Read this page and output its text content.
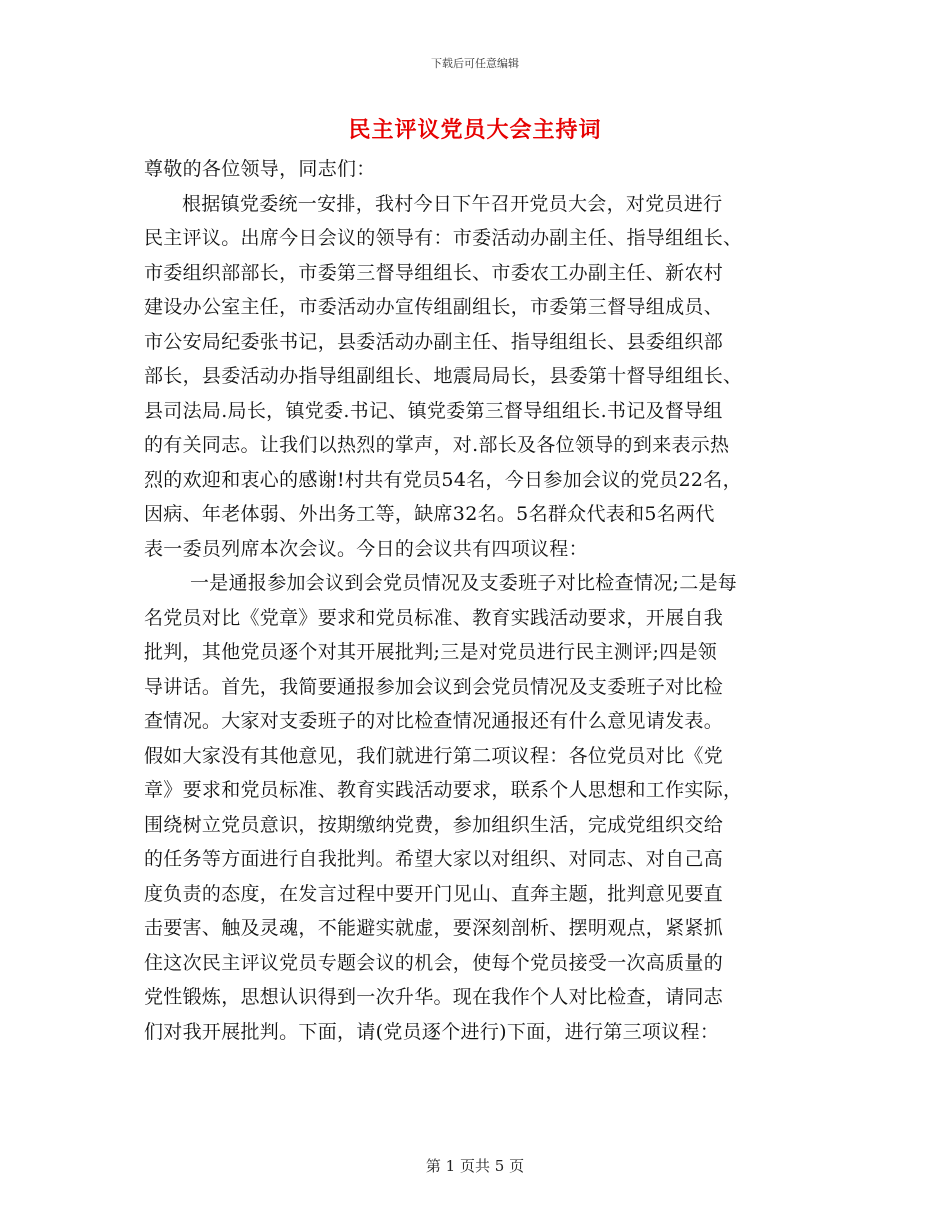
下载后可任意编辑
民主评议党员大会主持词

尊敬的各位领导，同志们：

根据镇党委统一安排，我村今日下午召开党员大会，对党员进行

民主评议。出席今日会议的领导有：市委活动办副主任、指导组组长、

市委组织部部长，市委第三督导组组长、市委农工办副主任、新农村

建设办公室主任，市委活动办宣传组副组长，市委第三督导组成员、

市公安局纪委张书记，县委活动办副主任、指导组组长、县委组织部

部长，县委活动办指导组副组长、地震局局长，县委第十督导组组长、

县司法局.局长，镇党委.书记、镇党委第三督导组组长.书记及督导组

的有关同志。让我们以热烈的掌声，对.部长及各位领导的到来表示热

烈的欢迎和衷心的感谢!村共有党员54名，今日参加会议的党员22名，

因病、年老体弱、外出务工等，缺席32名。5名群众代表和5名两代

表一委员列席本次会议。今日的会议共有四项议程：

一是通报参加会议到会党员情况及支委班子对比检查情况;二是每

名党员对比《党章》要求和党员标准、教育实践活动要求，开展自我

批判，其他党员逐个对其开展批判;三是对党员进行民主测评;四是领

导讲话。首先，我简要通报参加会议到会党员情况及支委班子对比检

查情况。大家对支委班子的对比检查情况通报还有什么意见请发表。

假如大家没有其他意见，我们就进行第二项议程：各位党员对比《党

章》要求和党员标准、教育实践活动要求，联系个人思想和工作实际，

围绕树立党员意识，按期缴纳党费，参加组织生活，完成党组织交给

的任务等方面进行自我批判。希望大家以对组织、对同志、对自己高

度负责的态度，在发言过程中要开门见山、直奔主题，批判意见要直

击要害、触及灵魂，不能避实就虚，要深刻剖析、摆明观点，紧紧抓

住这次民主评议党员专题会议的机会，使每个党员接受一次高质量的

党性锻炼，思想认识得到一次升华。现在我作个人对比检查，请同志

们对我开展批判。下面，请(党员逐个进行)下面，进行第三项议程：

第 1 页共 5 页
